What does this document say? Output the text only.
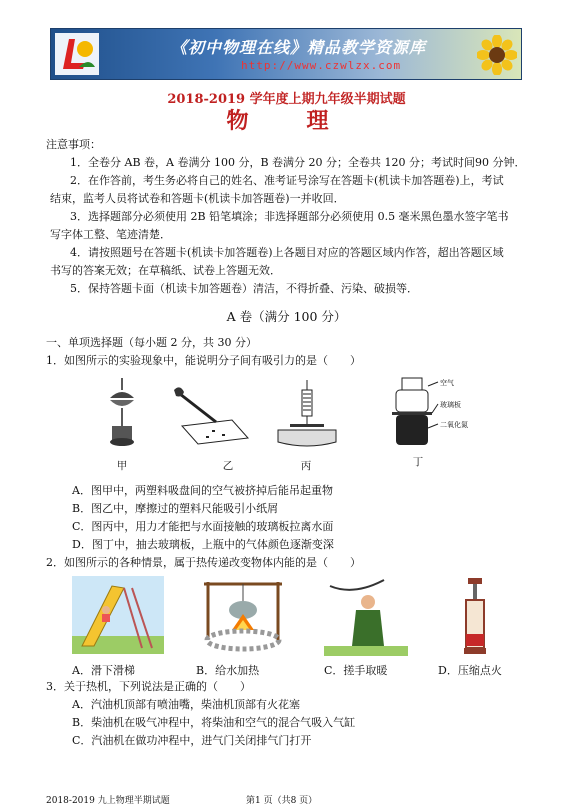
《初中物理在线》精品教学资源库
http://www.czwlzx.com
2018-2019 学年度上期九年级半期试题
物　理
注意事项：
1．全卷分 AB 卷，A 卷满分 100 分，B 卷满分 20 分；全卷共 120 分；考试时间90 分钟．
2．在作答前，考生务必将自己的姓名、准考证号涂写在答题卡(机读卡加答题卷)上，考试
结束，监考人员将试卷和答题卡(机读卡加答题卷)一并收回．
3．选择题部分必须使用 2B 铅笔填涂；非选择题部分必须使用 0.5 毫米黑色墨水签字笔书
写字体工整、笔迹清楚．
4．请按照题号在答题卡(机读卡加答题卷)上各题目对应的答题区域内作答，超出答题区域
书写的答案无效；在草稿纸、试卷上答题无效．
5．保持答题卡面（机读卡加答题卷）清洁，不得折叠、污染、破损等．
A 卷（满分 100 分）
一、单项选择题（每小题 2 分，共 30 分）
1．如图所示的实验现象中，能说明分子间有吸引力的是（　　）
甲	乙	丙
空气
玻璃板
二氧化氮
丁
A．图甲中，两塑料吸盘间的空气被挤掉后能吊起重物
B．图乙中，摩擦过的塑料尺能吸引小纸屑
C．图丙中，用力才能把与水面接触的玻璃板拉离水面
D．图丁中，抽去玻璃板，上瓶中的气体颜色逐渐变深
2．如图所示的各种情景，属于热传递改变物体内能的是（　　）
A．滑下滑梯	B．给水加热	C．搓手取暖	D．压缩点火
3．关于热机，下列说法是正确的（　　）
A．汽油机顶部有喷油嘴，柴油机顶部有火花塞
B．柴油机在吸气冲程中，将柴油和空气的混合气吸入气缸
C．汽油机在做功冲程中，进气门关闭排气门打开
2018-2019 九上物理半期试题	第1 页（共8 页）
